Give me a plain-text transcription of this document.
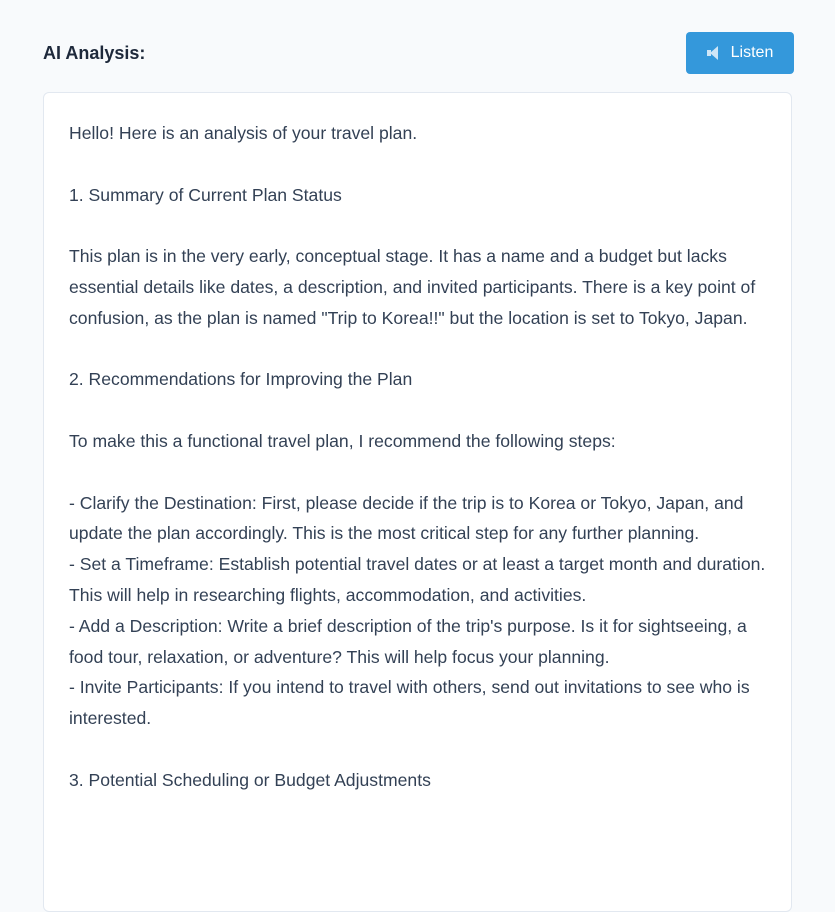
AI Analysis:	Listen

Hello! Here is an analysis of your travel plan.

1. Summary of Current Plan Status

This plan is in the very early, conceptual stage. It has a name and a budget but lacks essential details like dates, a description, and invited participants. There is a key point of confusion, as the plan is named "Trip to Korea!!" but the location is set to Tokyo, Japan.

2. Recommendations for Improving the Plan

To make this a functional travel plan, I recommend the following steps:

- Clarify the Destination: First, please decide if the trip is to Korea or Tokyo, Japan, and update the plan accordingly. This is the most critical step for any further planning.

- Set a Timeframe: Establish potential travel dates or at least a target month and duration. This will help in researching flights, accommodation, and activities.

- Add a Description: Write a brief description of the trip's purpose. Is it for sightseeing, a food tour, relaxation, or adventure? This will help focus your planning.

- Invite Participants: If you intend to travel with others, send out invitations to see who is interested.

3. Potential Scheduling or Budget Adjustments
